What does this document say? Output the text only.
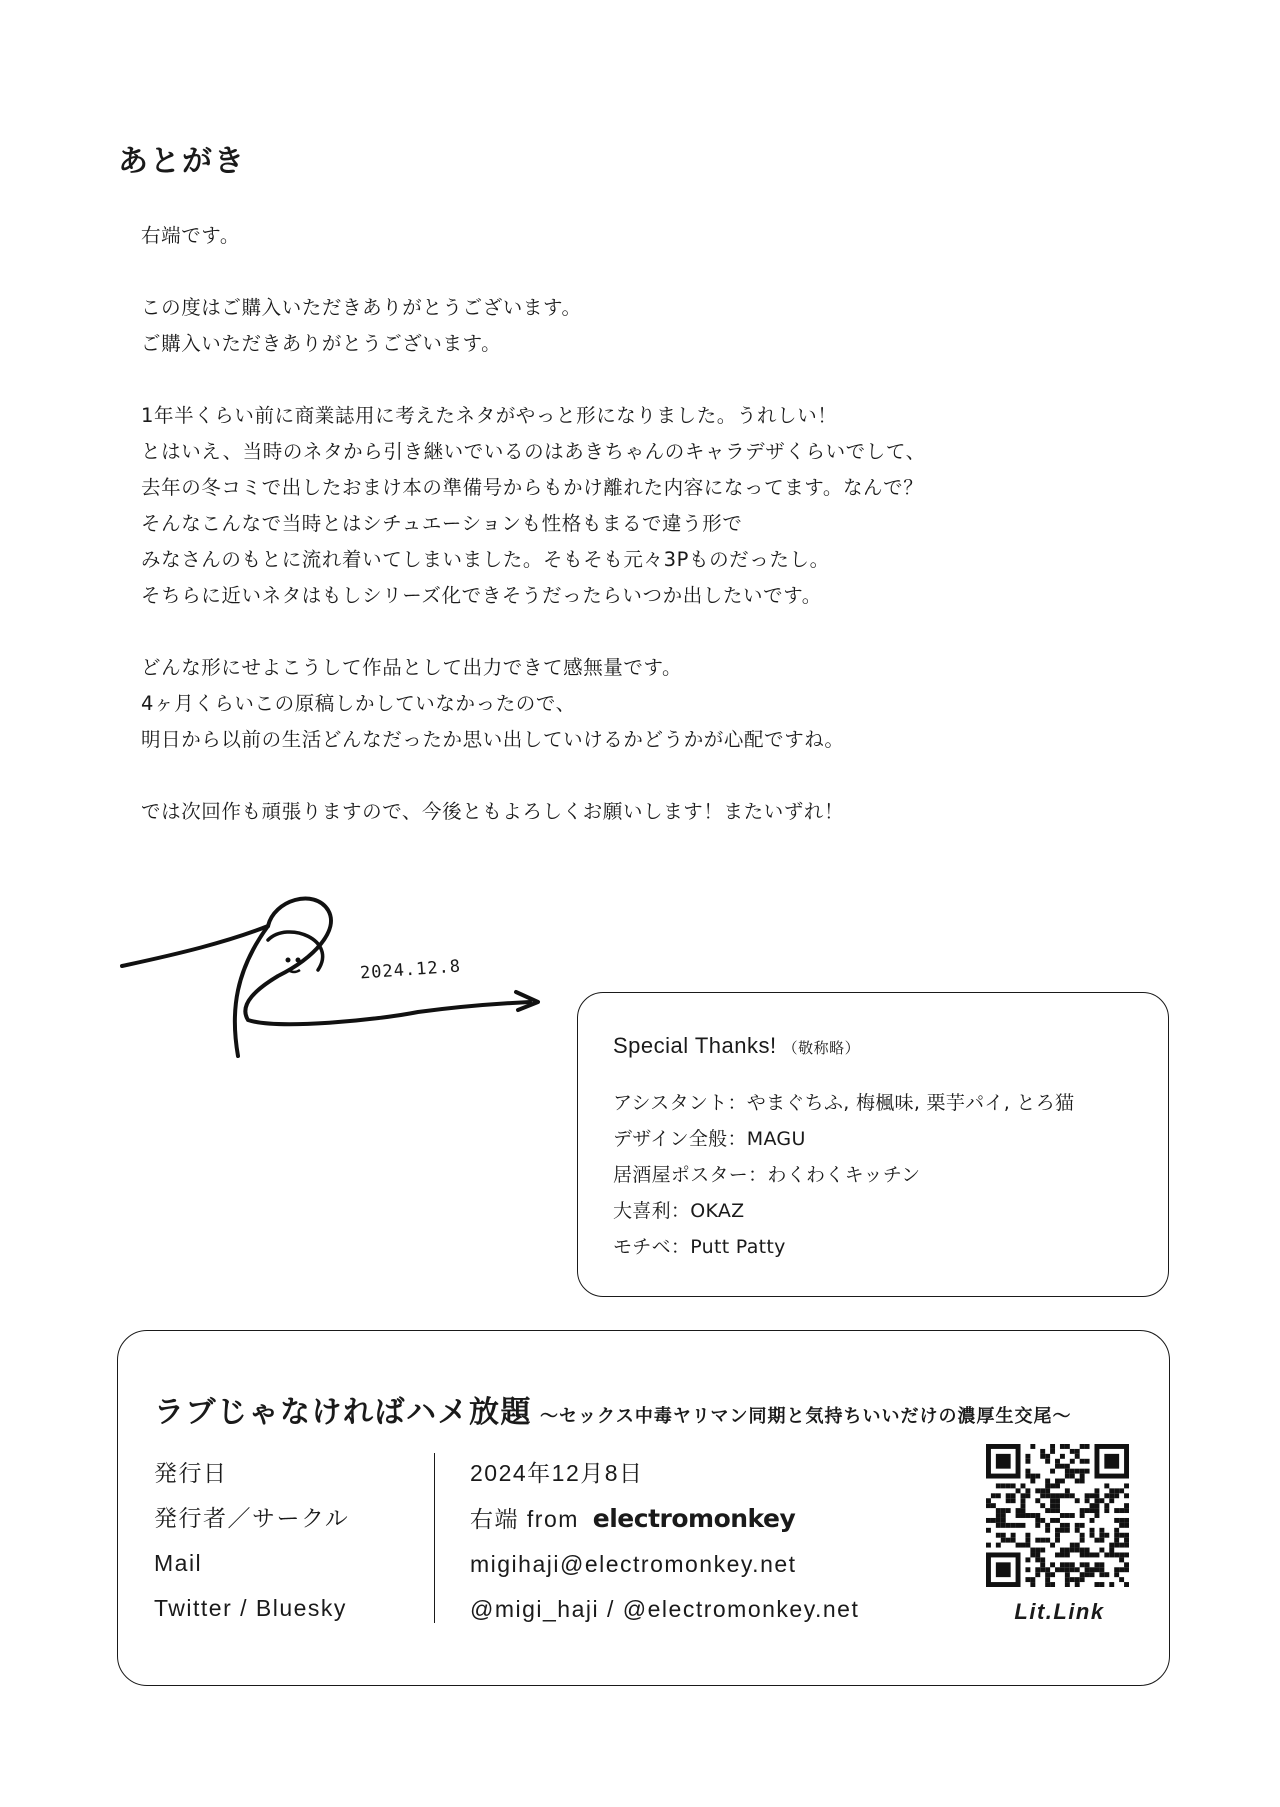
あとがき
右端です。
この度はご購入いただきありがとうございます。
ご購入いただきありがとうございます。
1年半くらい前に商業誌用に考えたネタがやっと形になりました。うれしい！
とはいえ、当時のネタから引き継いでいるのはあきちゃんのキャラデザくらいでして、
去年の冬コミで出したおまけ本の準備号からもかけ離れた内容になってます。なんで？
そんなこんなで当時とはシチュエーションも性格もまるで違う形で
みなさんのもとに流れ着いてしまいました。そもそも元々3Pものだったし。
そちらに近いネタはもしシリーズ化できそうだったらいつか出したいです。
どんな形にせよこうして作品として出力できて感無量です。
4ヶ月くらいこの原稿しかしていなかったので、
明日から以前の生活どんなだったか思い出していけるかどうかが心配ですね。
では次回作も頑張りますので、今後ともよろしくお願いします！またいずれ！
2024.12.8
Special Thanks! （敬称略）
アシスタント：やまぐちふ, 梅楓味, 栗芋パイ, とろ猫
デザイン全般：MAGU
居酒屋ポスター：わくわくキッチン
大喜利：OKAZ
モチベ：Putt Patty
ラブじゃなければハメ放題 〜セックス中毒ヤリマン同期と気持ちいいだけの濃厚生交尾〜
発行日
発行者／サークル
Mail
Twitter / Bluesky
2024年12月8日
右端 from electromonkey
migihaji@electromonkey.net
@migi_haji / @electromonkey.net	Lit.Link
